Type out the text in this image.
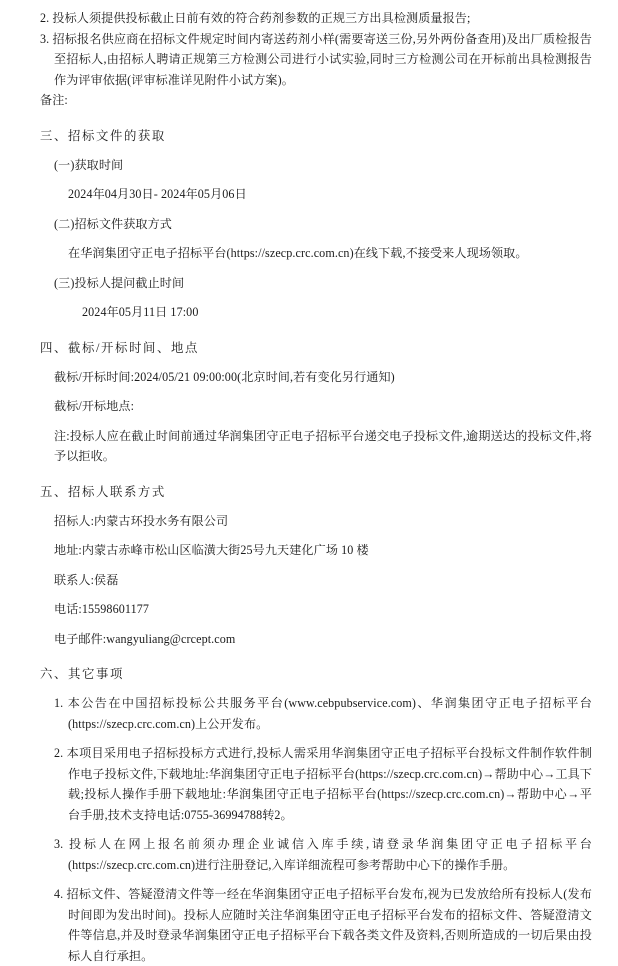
2. 投标人须提供投标截止日前有效的符合药剂参数的正规三方出具检测质量报告;

3. 招标报名供应商在招标文件规定时间内寄送药剂小样(需要寄送三份,另外两份备查用)及出厂质检报告至招标人,由招标人聘请正规第三方检测公司进行小试实验,同时三方检测公司在开标前出具检测报告作为评审依据(评审标准详见附件小试方案)。

备注:

三、招标文件的获取

(一)获取时间

2024年04月30日- 2024年05月06日

(二)招标文件获取方式

在华润集团守正电子招标平台(https://szecp.crc.com.cn)在线下载,不接受来人现场领取。

(三)投标人提问截止时间

2024年05月11日 17:00

四、截标/开标时间、地点

截标/开标时间:2024/05/21 09:00:00(北京时间,若有变化另行通知)

截标/开标地点:

注:投标人应在截止时间前通过华润集团守正电子招标平台递交电子投标文件,逾期送达的投标文件,将予以拒收。

五、招标人联系方式

招标人:内蒙古环投水务有限公司

地址:内蒙古赤峰市松山区临潢大街25号九天建化广场 10 楼

联系人:侯磊

电话:15598601177

电子邮件:wangyuliang@crcept.com

六、其它事项

1. 本公告在中国招标投标公共服务平台(www.cebpubservice.com)、华润集团守正电子招标平台(https://szecp.crc.com.cn)上公开发布。

2. 本项目采用电子招标投标方式进行,投标人需采用华润集团守正电子招标平台投标文件制作软件制作电子投标文件,下载地址:华润集团守正电子招标平台(https://szecp.crc.com.cn)→帮助中心→工具下载;投标人操作手册下载地址:华润集团守正电子招标平台(https://szecp.crc.com.cn)→帮助中心→平台手册,技术支持电话:0755-36994788转2。

3. 投标人在网上报名前须办理企业诚信入库手续,请登录华润集团守正电子招标平台(https://szecp.crc.com.cn)进行注册登记,入库详细流程可参考帮助中心下的操作手册。

4. 招标文件、答疑澄清文件等一经在华润集团守正电子招标平台发布,视为已发放给所有投标人(发布时间即为发出时间)。投标人应随时关注华润集团守正电子招标平台发布的招标文件、答疑澄清文件等信息,并及时登录华润集团守正电子招标平台下载各类文件及资料,否则所造成的一切后果由投标人自行承担。
